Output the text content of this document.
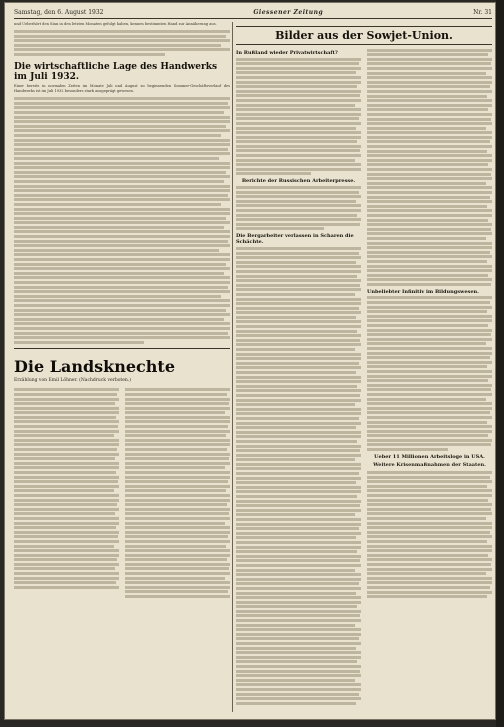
Samstag, den 6. August 1932	Giessener Zeitung	Nr. 31

und Ueberhört den Sinn in den letzten Monaten gefolgt haben, kennen bestimmten Hand zur Annäherung aus.

Die wirtschaftliche Lage des Handwerks im Juli 1932.

Einer bereits in normalen Zeiten im Monate Juli und August zu beginnenden Sommer-Geschäftsverlauf des Handwerks ist im Juli 1932 besonders stark ausgeprägt gewesen.

Die Landsknechte
Erzählung von Emil Löhner. (Nachdruck verboten.)
Bilder aus der Sowjet-Union.
In Rußland wieder Privatwirtschaft?
Berichte der Russischen Arbeiterpresse.
Die Bergarbeiter verlassen in Scharen die Schächte.
Unbeliebter Infinitiv im Bildungswesen.
Ueber 11 Millionen Arbeitsloge in USA.
Weitere Krisenmaßnahmen der Staaten.
